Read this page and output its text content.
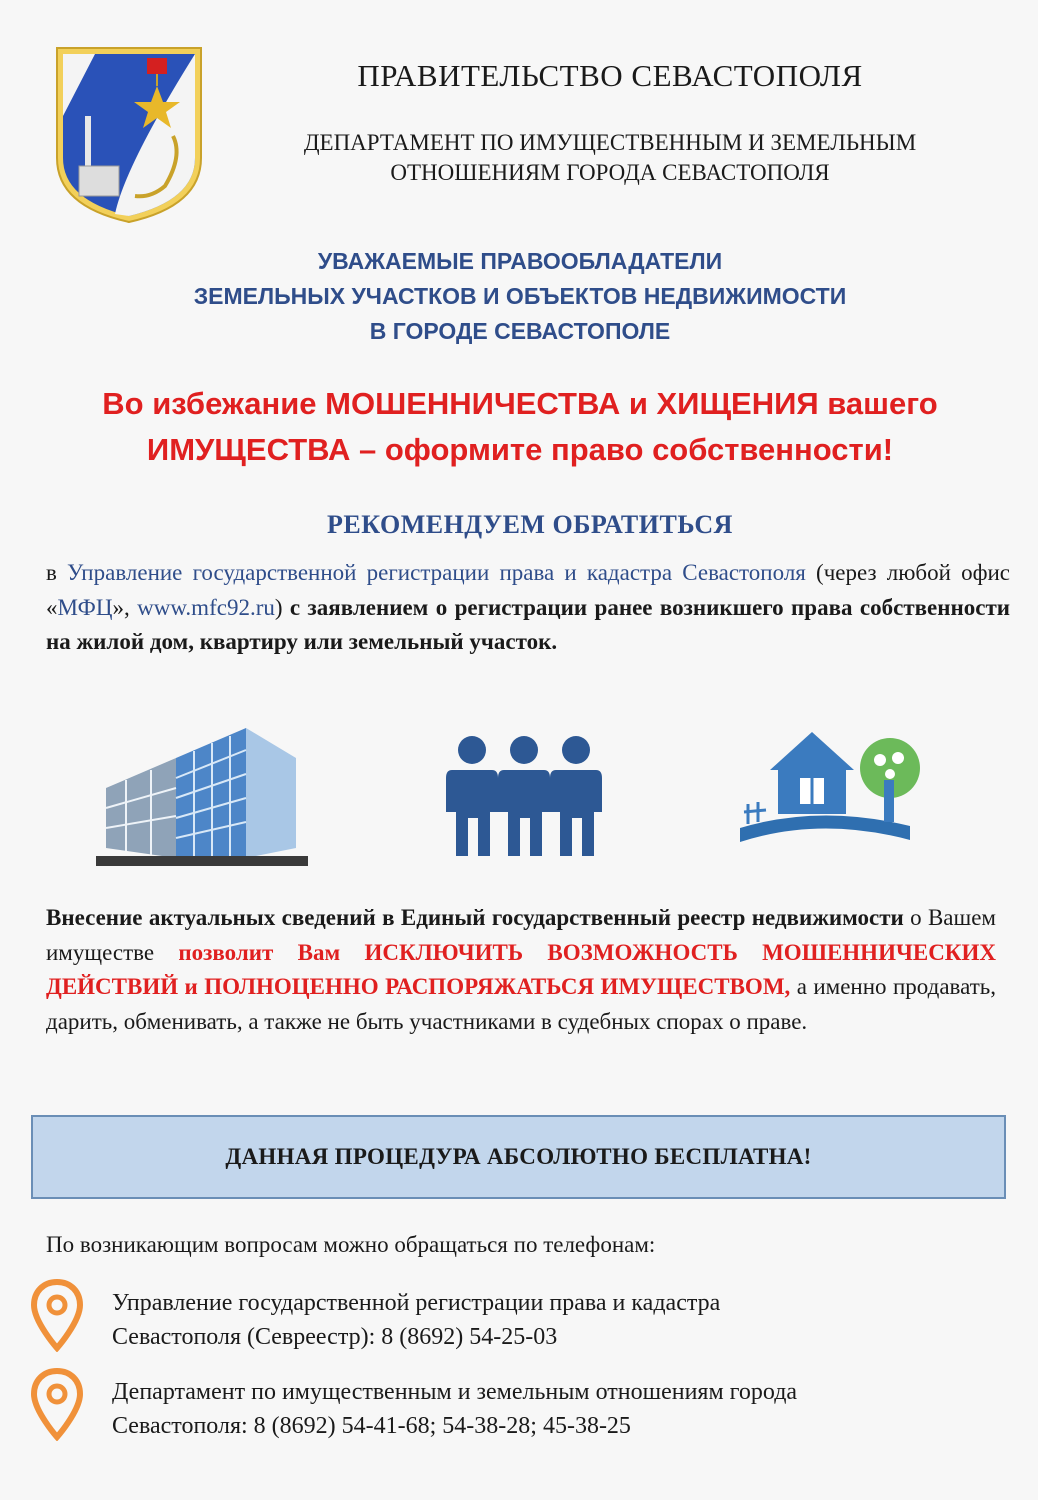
ПРАВИТЕЛЬСТВО СЕВАСТОПОЛЯ
ДЕПАРТАМЕНТ ПО ИМУЩЕСТВЕННЫМ И ЗЕМЕЛЬНЫМ
ОТНОШЕНИЯМ ГОРОДА СЕВАСТОПОЛЯ
УВАЖАЕМЫЕ ПРАВООБЛАДАТЕЛИ
ЗЕМЕЛЬНЫХ УЧАСТКОВ И ОБЪЕКТОВ НЕДВИЖИМОСТИ
В ГОРОДЕ СЕВАСТОПОЛЕ
Во избежание МОШЕННИЧЕСТВА и ХИЩЕНИЯ вашего
ИМУЩЕСТВА – оформите право собственности!
РЕКОМЕНДУЕМ ОБРАТИТЬСЯ
в Управление государственной регистрации права и кадастра Севастополя (через любой офис «МФЦ», www.mfc92.ru) с заявлением о регистрации ранее возникшего права собственности на жилой дом, квартиру или земельный участок.
Внесение актуальных сведений в Единый государственный реестр недвижимости о Вашем имуществе позволит Вам ИСКЛЮЧИТЬ ВОЗМОЖНОСТЬ МОШЕННИЧЕСКИХ ДЕЙСТВИЙ и ПОЛНОЦЕННО РАСПОРЯЖАТЬСЯ ИМУЩЕСТВОМ, а именно продавать, дарить, обменивать, а также не быть участниками в судебных спорах о праве.
ДАННАЯ ПРОЦЕДУРА АБСОЛЮТНО БЕСПЛАТНА!
По возникающим вопросам можно обращаться по телефонам:
Управление государственной регистрации права и кадастра
Севастополя (Севреестр): 8 (8692) 54-25-03
Департамент по имущественным и земельным отношениям города
Севастополя: 8 (8692) 54-41-68; 54-38-28; 45-38-25
